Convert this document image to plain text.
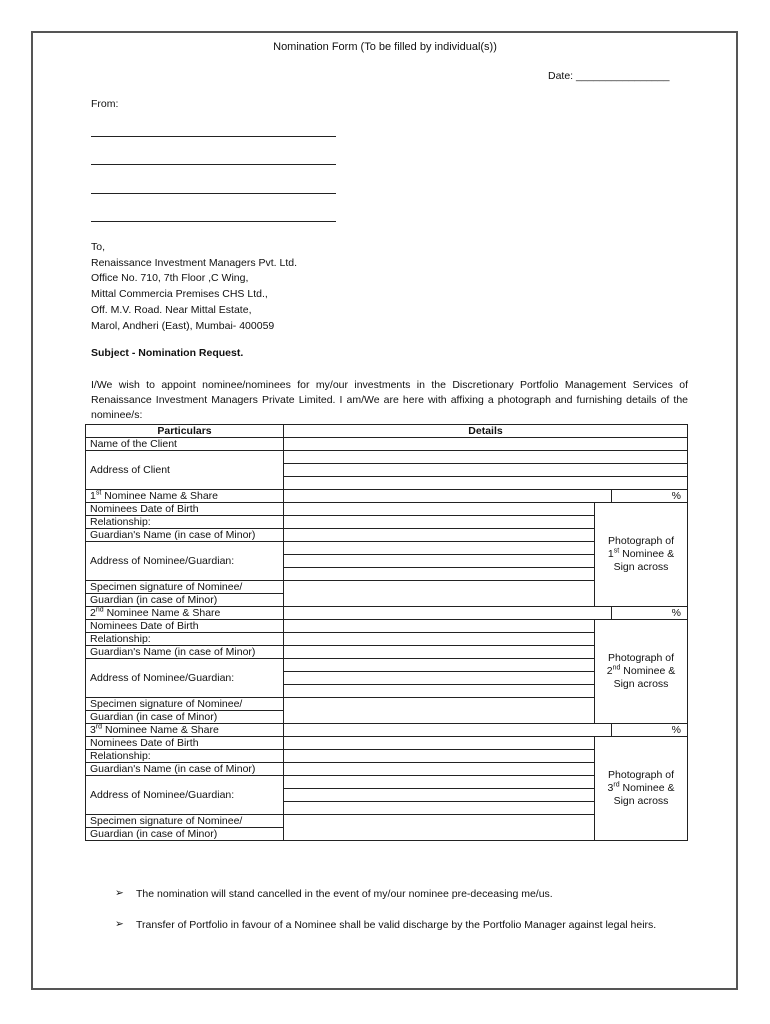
Nomination Form (To be filled by individual(s))
Date: ________________
From:
To,
Renaissance Investment Managers Pvt. Ltd.
Office No. 710, 7th Floor ,C Wing,
Mittal Commercia Premises CHS Ltd.,
Off. M.V. Road. Near Mittal Estate,
Marol, Andheri (East), Mumbai- 400059
Subject - Nomination Request.
I/We wish to appoint nominee/nominees for my/our investments in the Discretionary Portfolio Management Services of Renaissance Investment Managers Private Limited. I am/We are here with affixing a photograph and furnishing details of the nominee/s:
Particulars	Details		
Name of the Client			
Address of Client			

1st Nominee Name & Share			%
Nominees Date of Birth		Photograph of
1st Nominee &
Sign across	

Relationship:			
Guardian's Name (in case of Minor)			
Address of Nominee/Guardian:			

Specimen signature of Nominee/			
Guardian (in case of Minor)			
2nd Nominee Name & Share			%
Nominees Date of Birth		Photograph of
2nd Nominee &
Sign across	

Relationship:			
Guardian's Name (in case of Minor)			
Address of Nominee/Guardian:			

Specimen signature of Nominee/			
Guardian (in case of Minor)			
3rd Nominee Name & Share			%
Nominees Date of Birth		Photograph of
3rd Nominee &
Sign across	

Relationship:			
Guardian's Name (in case of Minor)			
Address of Nominee/Guardian:			

Specimen signature of Nominee/			
Guardian (in case of Minor)			
➢ The nomination will stand cancelled in the event of my/our nominee pre-deceasing me/us.
➢ Transfer of Portfolio in favour of a Nominee shall be valid discharge by the Portfolio Manager against legal heirs.
